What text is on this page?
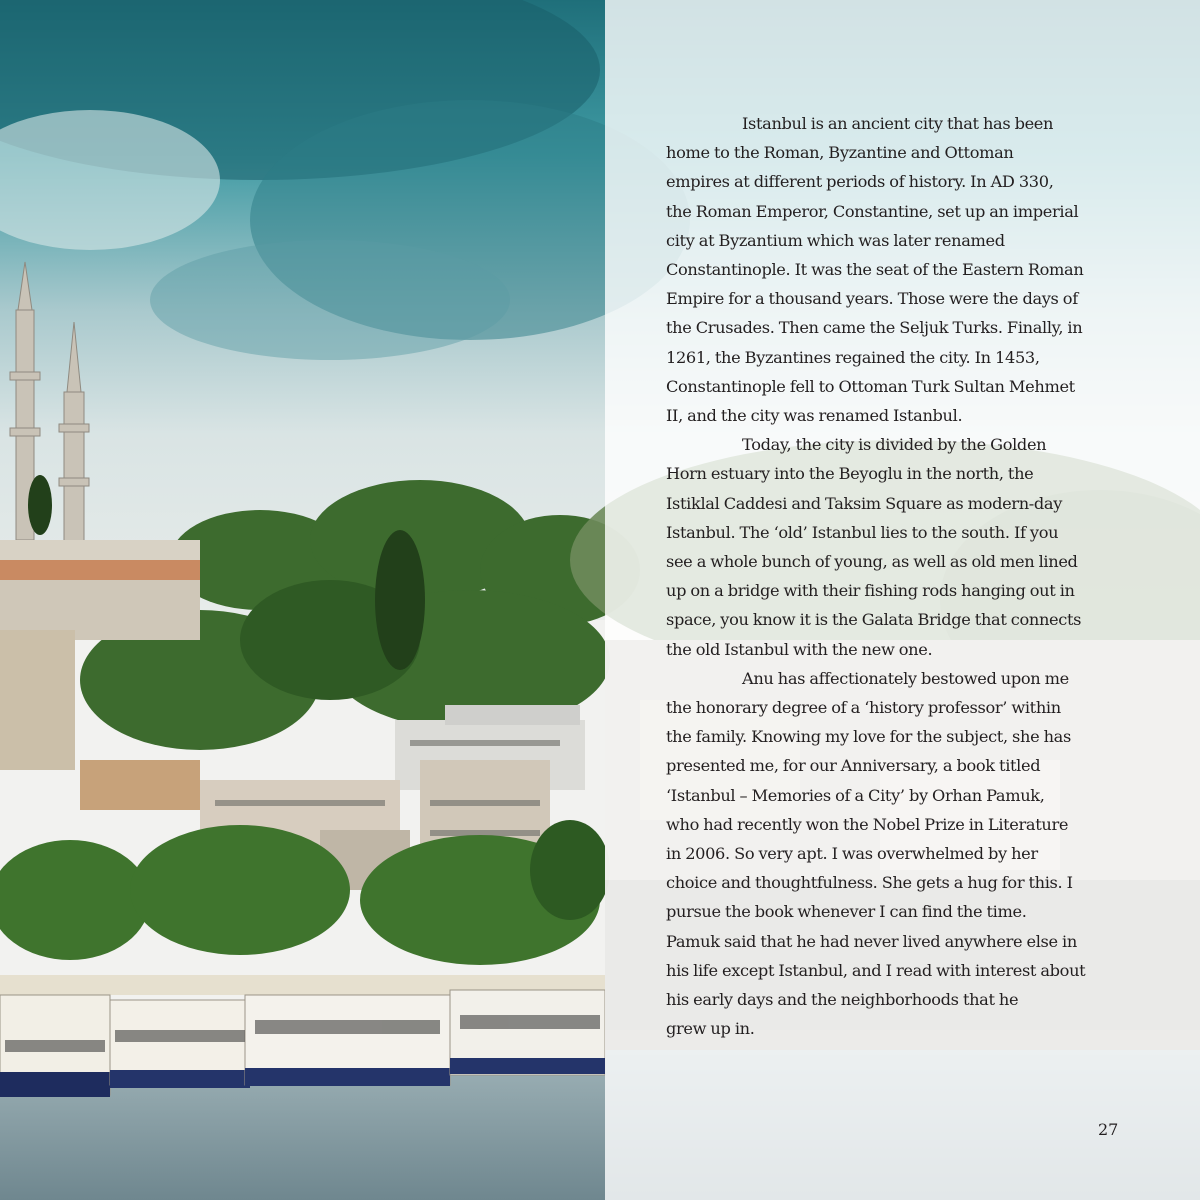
Istanbul is an ancient city that has been
home to the Roman, Byzantine and Ottoman
empires at different periods of history. In AD 330,
the Roman Emperor, Constantine, set up an imperial
city at Byzantium which was later renamed
Constantinople. It was the seat of the Eastern Roman
Empire for a thousand years. Those were the days of
the Crusades. Then came the Seljuk Turks. Finally, in
1261, the Byzantines regained the city. In 1453,
Constantinople fell to Ottoman Turk Sultan Mehmet
II, and the city was renamed Istanbul.

Today, the city is divided by the Golden
Horn estuary into the Beyoglu in the north, the
Istiklal Caddesi and Taksim Square as modern-day
Istanbul. The ‘old’ Istanbul lies to the south. If you
see a whole bunch of young, as well as old men lined
up on a bridge with their fishing rods hanging out in
space, you know it is the Galata Bridge that connects
the old Istanbul with the new one.

Anu has affectionately bestowed upon me
the honorary degree of a ‘history professor’ within
the family. Knowing my love for the subject, she has
presented me, for our Anniversary, a book titled
‘Istanbul – Memories of a City’ by Orhan Pamuk,
who had recently won the Nobel Prize in Literature
in 2006. So very apt. I was overwhelmed by her
choice and thoughtfulness. She gets a hug for this. I
pursue the book whenever I can find the time.
Pamuk said that he had never lived anywhere else in
his life except Istanbul, and I read with interest about
his early days and the neighborhoods that he
grew up in.

27
